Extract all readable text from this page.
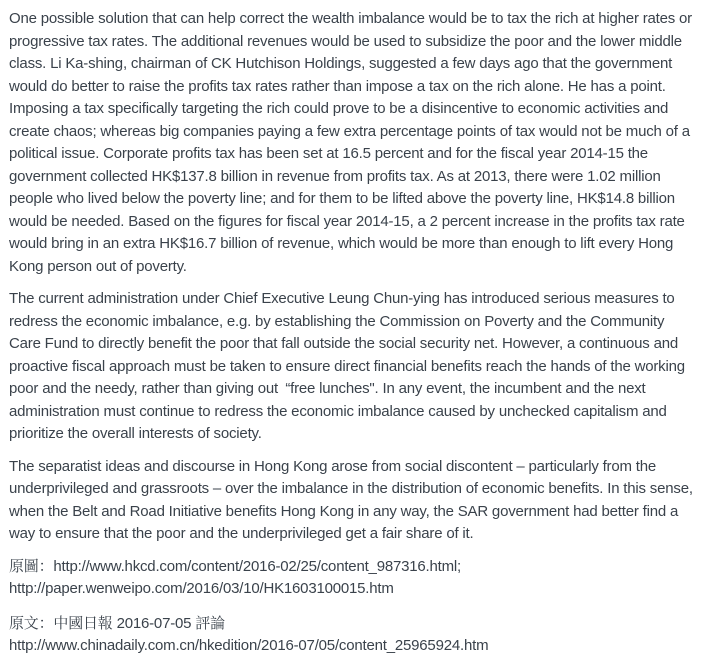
One possible solution that can help correct the wealth imbalance would be to tax the rich at higher rates or progressive tax rates. The additional revenues would be used to subsidize the poor and the lower middle class. Li Ka-shing, chairman of CK Hutchison Holdings, suggested a few days ago that the government would do better to raise the profits tax rates rather than impose a tax on the rich alone. He has a point. Imposing a tax specifically targeting the rich could prove to be a disincentive to economic activities and create chaos; whereas big companies paying a few extra percentage points of tax would not be much of a political issue. Corporate profits tax has been set at 16.5 percent and for the fiscal year 2014-15 the government collected HK$137.8 billion in revenue from profits tax. As at 2013, there were 1.02 million people who lived below the poverty line; and for them to be lifted above the poverty line, HK$14.8 billion would be needed. Based on the figures for fiscal year 2014-15, a 2 percent increase in the profits tax rate would bring in an extra HK$16.7 billion of revenue, which would be more than enough to lift every Hong Kong person out of poverty.

The current administration under Chief Executive Leung Chun-ying has introduced serious measures to redress the economic imbalance, e.g. by establishing the Commission on Poverty and the Community Care Fund to directly benefit the poor that fall outside the social security net. However, a continuous and proactive fiscal approach must be taken to ensure direct financial benefits reach the hands of the working poor and the needy, rather than giving out “free lunches". In any event, the incumbent and the next administration must continue to redress the economic imbalance caused by unchecked capitalism and prioritize the overall interests of society.

The separatist ideas and discourse in Hong Kong arose from social discontent – particularly from the underprivileged and grassroots – over the imbalance in the distribution of economic benefits. In this sense, when the Belt and Road Initiative benefits Hong Kong in any way, the SAR government had better find a way to ensure that the poor and the underprivileged get a fair share of it.

原圖：http://www.hkcd.com/content/2016-02/25/content_987316.html;
http://paper.wenweipo.com/2016/03/10/HK1603100015.htm

原文：中國日報 2016-07-05 評論
http://www.chinadaily.com.cn/hkedition/2016-07/05/content_25965924.htm
